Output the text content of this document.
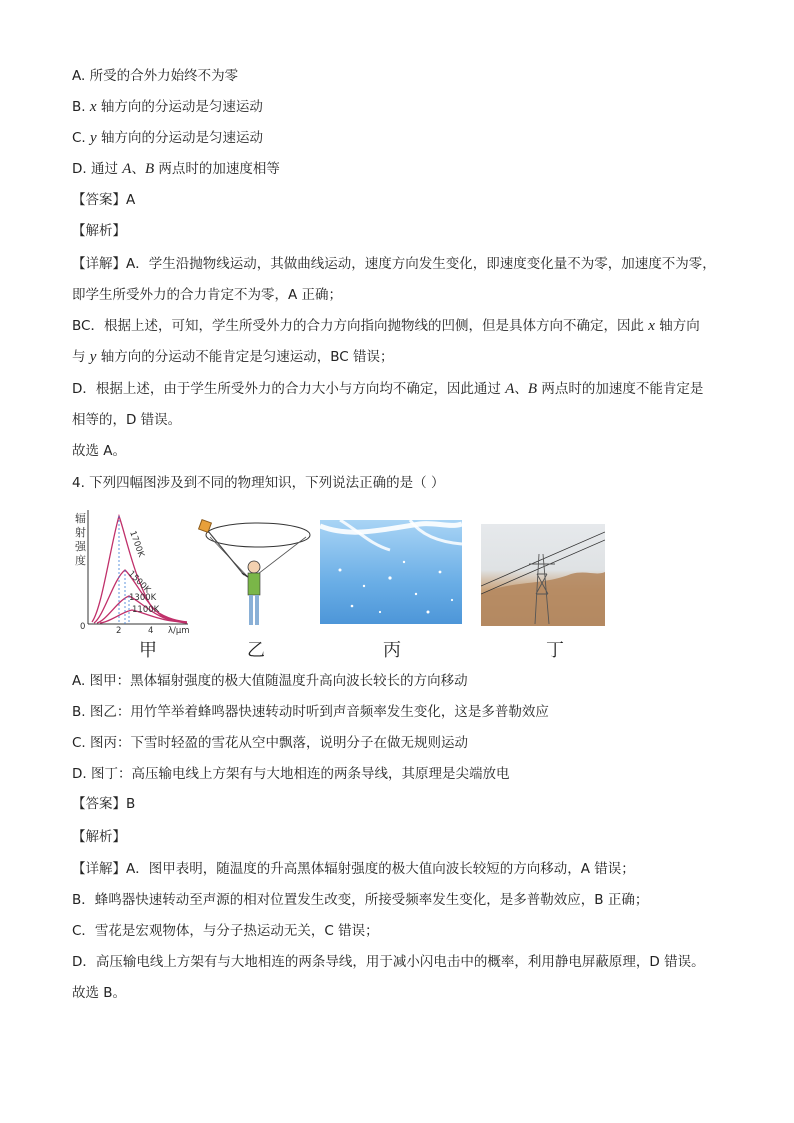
A. 所受的合外力始终不为零
B. x 轴方向的分运动是匀速运动
C. y 轴方向的分运动是匀速运动
D. 通过 A、B 两点时的加速度相等
【答案】A
【解析】
【详解】A．学生沿抛物线运动，其做曲线运动，速度方向发生变化，即速度变化量不为零，加速度不为零，
即学生所受外力的合力肯定不为零，A 正确；
BC．根据上述，可知，学生所受外力的合力方向指向抛物线的凹侧，但是具体方向不确定，因此 x 轴方向
与 y 轴方向的分运动不能肯定是匀速运动，BC 错误；
D．根据上述，由于学生所受外力的合力大小与方向均不确定，因此通过 A、B 两点时的加速度不能肯定是
相等的，D 错误。
故选 A。
4. 下列四幅图涉及到不同的物理知识，下列说法正确的是（ ）
辐
射
强
度
1700K
1500K
1300K
1100K
0	2	4 λ/μm
甲	乙	丙	丁
A. 图甲：黑体辐射强度的极大值随温度升高向波长较长的方向移动
B. 图乙：用竹竿举着蜂鸣器快速转动时听到声音频率发生变化，这是多普勒效应
C. 图丙：下雪时轻盈的雪花从空中飘落，说明分子在做无规则运动
D. 图丁：高压输电线上方架有与大地相连的两条导线，其原理是尖端放电
【答案】B
【解析】
【详解】A．图甲表明，随温度的升高黑体辐射强度的极大值向波长较短的方向移动，A 错误；
B．蜂鸣器快速转动至声源的相对位置发生改变，所接受频率发生变化，是多普勒效应，B 正确；
C．雪花是宏观物体，与分子热运动无关，C 错误；
D．高压输电线上方架有与大地相连的两条导线，用于减小闪电击中的概率，利用静电屏蔽原理，D 错误。
故选 B。
